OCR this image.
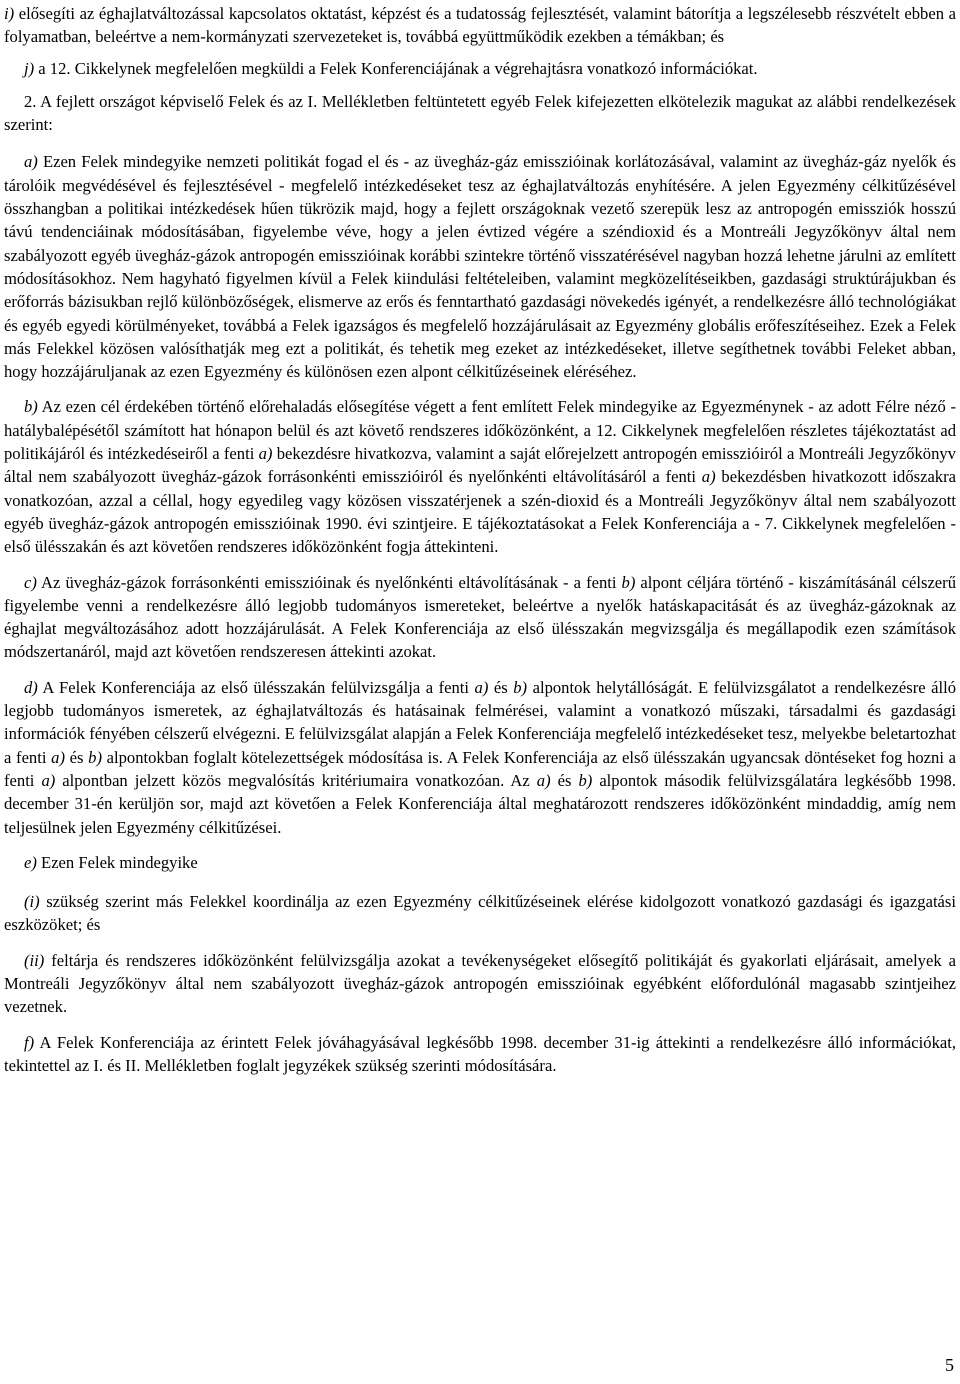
i) elősegíti az éghajlatváltozással kapcsolatos oktatást, képzést és a tudatosság fejlesztését, valamint bátorítja a legszélesebb részvételt ebben a folyamatban, beleértve a nem-kormányzati szervezeteket is, továbbá együttműködik ezekben a témákban; és

j) a 12. Cikkelynek megfelelően megküldi a Felek Konferenciájának a végrehajtásra vonatkozó információkat.

2. A fejlett országot képviselő Felek és az I. Mellékletben feltüntetett egyéb Felek kifejezetten elkötelezik magukat az alábbi rendelkezések szerint:

a) Ezen Felek mindegyike nemzeti politikát fogad el és - az üvegház-gáz emisszióinak korlátozásával, valamint az üvegház-gáz nyelők és tárolóik megvédésével és fejlesztésével - megfelelő intézkedéseket tesz az éghajlatváltozás enyhítésére. A jelen Egyezmény célkitűzésével összhangban a politikai intézkedések hűen tükrözik majd, hogy a fejlett országoknak vezető szerepük lesz az antropogén emissziók hosszú távú tendenciáinak módosításában, figyelembe véve, hogy a jelen évtized végére a széndioxid és a Montreáli Jegyzőkönyv által nem szabályozott egyéb üvegház-gázok antropogén emisszióinak korábbi szintekre történő visszatérésével nagyban hozzá lehetne járulni az említett módosításokhoz. Nem hagyható figyelmen kívül a Felek kiindulási feltételeiben, valamint megközelítéseikben, gazdasági struktúrájukban és erőforrás bázisukban rejlő különbözőségek, elismerve az erős és fenntartható gazdasági növekedés igényét, a rendelkezésre álló technológiákat és egyéb egyedi körülményeket, továbbá a Felek igazságos és megfelelő hozzájárulásait az Egyezmény globális erőfeszítéseihez. Ezek a Felek más Felekkel közösen valósíthatják meg ezt a politikát, és tehetik meg ezeket az intézkedéseket, illetve segíthetnek további Feleket abban, hogy hozzájáruljanak az ezen Egyezmény és különösen ezen alpont célkitűzéseinek eléréséhez.

b) Az ezen cél érdekében történő előrehaladás elősegítése végett a fent említett Felek mindegyike az Egyezménynek - az adott Félre néző - hatálybalépésétől számított hat hónapon belül és azt követő rendszeres időközönként, a 12. Cikkelynek megfelelően részletes tájékoztatást ad politikájáról és intézkedéseiről a fenti a) bekezdésre hivatkozva, valamint a saját előrejelzett antropogén emisszióiról a Montreáli Jegyzőkönyv által nem szabályozott üvegház-gázok forrásonkénti emisszióiról és nyelőnkénti eltávolításáról a fenti a) bekezdésben hivatkozott időszakra vonatkozóan, azzal a céllal, hogy egyedileg vagy közösen visszatérjenek a szén-dioxid és a Montreáli Jegyzőkönyv által nem szabályozott egyéb üvegház-gázok antropogén emisszióinak 1990. évi szintjeire. E tájékoztatásokat a Felek Konferenciája a - 7. Cikkelynek megfelelően - első ülésszakán és azt követően rendszeres időközönként fogja áttekinteni.

c) Az üvegház-gázok forrásonkénti emisszióinak és nyelőnkénti eltávolításának - a fenti b) alpont céljára történő - kiszámításánál célszerű figyelembe venni a rendelkezésre álló legjobb tudományos ismereteket, beleértve a nyelők hatáskapacitását és az üvegház-gázoknak az éghajlat megváltozásához adott hozzájárulását. A Felek Konferenciája az első ülésszakán megvizsgálja és megállapodik ezen számítások módszertanáról, majd azt követően rendszeresen áttekinti azokat.

d) A Felek Konferenciája az első ülésszakán felülvizsgálja a fenti a) és b) alpontok helytállóságát. E felülvizsgálatot a rendelkezésre álló legjobb tudományos ismeretek, az éghajlatváltozás és hatásainak felmérései, valamint a vonatkozó műszaki, társadalmi és gazdasági információk fényében célszerű elvégezni. E felülvizsgálat alapján a Felek Konferenciája megfelelő intézkedéseket tesz, melyekbe beletartozhat a fenti a) és b) alpontokban foglalt kötelezettségek módosítása is. A Felek Konferenciája az első ülésszakán ugyancsak döntéseket fog hozni a fenti a) alpontban jelzett közös megvalósítás kritériumaira vonatkozóan. Az a) és b) alpontok második felülvizsgálatára legkésőbb 1998. december 31-én kerüljön sor, majd azt követően a Felek Konferenciája által meghatározott rendszeres időközönként mindaddig, amíg nem teljesülnek jelen Egyezmény célkitűzései.

e) Ezen Felek mindegyike

(i) szükség szerint más Felekkel koordinálja az ezen Egyezmény célkitűzéseinek elérése kidolgozott vonatkozó gazdasági és igazgatási eszközöket; és

(ii) feltárja és rendszeres időközönként felülvizsgálja azokat a tevékenységeket elősegítő politikáját és gyakorlati eljárásait, amelyek a Montreáli Jegyzőkönyv által nem szabályozott üvegház-gázok antropogén emisszióinak egyébként előfordulónál magasabb szintjeihez vezetnek.

f) A Felek Konferenciája az érintett Felek jóváhagyásával legkésőbb 1998. december 31-ig áttekinti a rendelkezésre álló információkat, tekintettel az I. és II. Mellékletben foglalt jegyzékek szükség szerinti módosítására.

5
